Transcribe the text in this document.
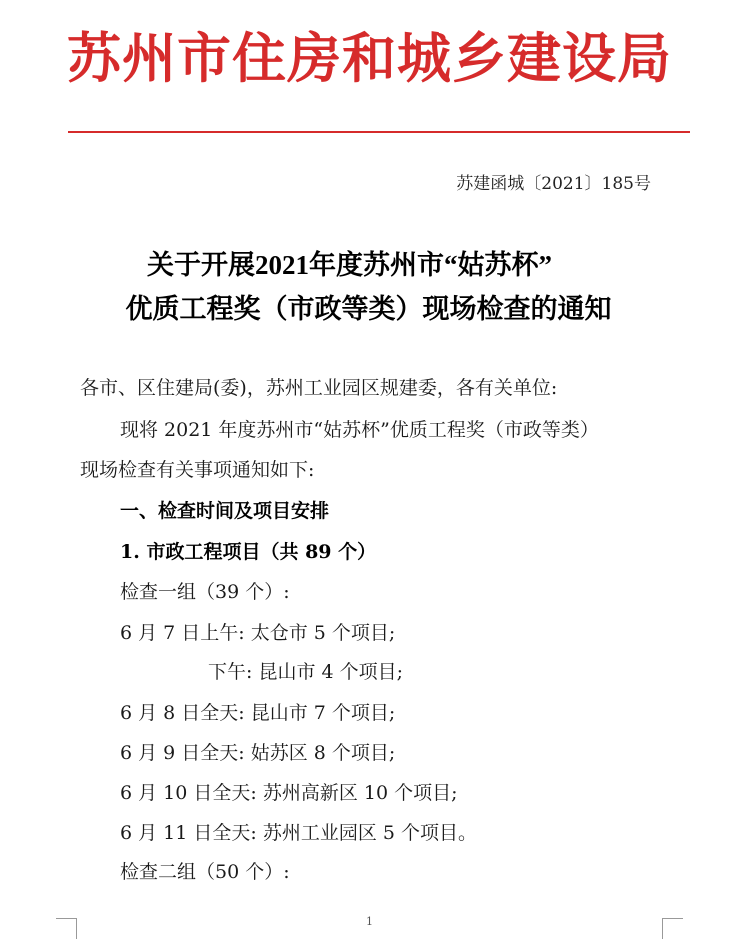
苏州市住房和城乡建设局
苏建函城〔2021〕185号
关于开展2021年度苏州市“姑苏杯”
优质工程奖（市政等类）现场检查的通知
各市、区住建局(委)，苏州工业园区规建委，各有关单位:
现将 2021 年度苏州市“姑苏杯”优质工程奖（市政等类）
现场检查有关事项通知如下:
一、检查时间及项目安排
1. 市政工程项目（共 89 个）
检查一组（39 个）:
6 月 7 日上午: 太仓市 5 个项目;
下午: 昆山市 4 个项目;
6 月 8 日全天: 昆山市 7 个项目;
6 月 9 日全天: 姑苏区 8 个项目;
6 月 10 日全天: 苏州高新区 10 个项目;
6 月 11 日全天: 苏州工业园区 5 个项目。
检查二组（50 个）:
1
